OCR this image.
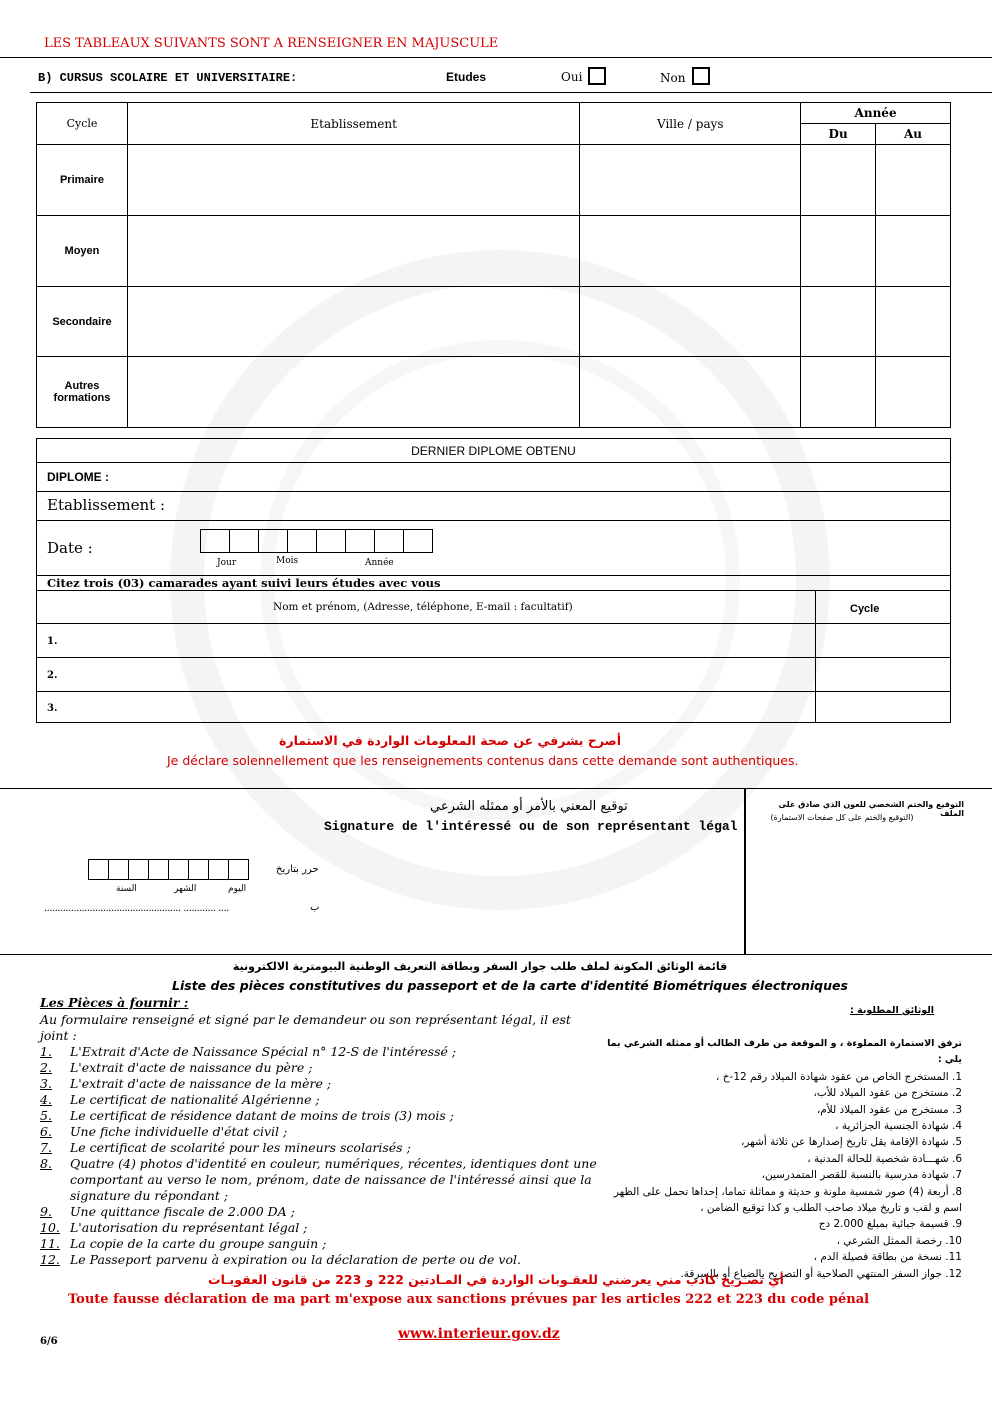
LES TABLEAUX SUIVANTS SONT A RENSEIGNER EN MAJUSCULE
B) CURSUS SCOLAIRE ET UNIVERSITAIRE:	Etudes	Oui	Non
Cycle	Etablissement	Ville / pays	Année	
			Du	Au
Primaire				
Moyen				
Secondaire				
Autres formations				
DERNIER DIPLOME OBTENU
DIPLOME :
Etablissement :
Date :
Jour	Mois	Année
Citez trois (03) camarades ayant suivi leurs études avec vous
Nom et prénom, (Adresse, téléphone, E-mail : facultatif)	Cycle
1.
2.
3.
أصرح بشرفي عن صحة المعلومات الواردة في الاستمارة
Je déclare solennellement que les renseignements contenus dans cette demande sont authentiques.
توقيع المعني بالأمر أو ممثله الشرعي
Signature de l'intéressé ou de son représentant légal
حرر بتاريخ
اليوم
الشهر
السنة
................................................... ............ ....	ب
التوقيع والختم الشخصي للعون الذي صادق على الملف
(التوقيع والختم على كل صفحات الاستمارة)
قائمة الوثائق المكونة لملف طلب جواز السفر وبطاقة التعريف الوطنية البيومترية الالكترونية
Liste des pièces constitutives du passeport et de la carte d'identité Biométriques électroniques
Les Pièces à fournir :
Au formulaire renseigné et signé par le demandeur ou son représentant légal, il est joint :
1. L'Extrait d'Acte de Naissance Spécial n° 12-S de l'intéressé ;
2. L'extrait d'acte de naissance du père ;
3. L'extrait d'acte de naissance de la mère ;
4. Le certificat de nationalité Algérienne ;
5. Le certificat de résidence datant de moins de trois (3) mois ;
6. Une fiche individuelle d'état civil ;
7. Le certificat de scolarité pour les mineurs scolarisés ;
8. Quatre (4) photos d'identité en couleur, numériques, récentes, identiques dont une comportant au verso le nom, prénom, date de naissance de l'intéressé ainsi que la signature du répondant ;
9. Une quittance fiscale de 2.000 DA ;
10. L'autorisation du représentant légal ;
11. La copie de la carte du groupe sanguin ;
12. Le Passeport parvenu à expiration ou la déclaration de perte ou de vol.
الوثائق المطلوبة :
ترفق الاستمارة المملوءة ، و الموقعة من طرف الطالب أو ممثله الشرعي بما يلي :
1. المستخرج الخاص من عقود شهادة الميلاد رقم 12-خ ،
2. مستخرج من عقود الميلاد للأب،
3. مستخرج من عقود الميلاد للأم،
4. شهادة الجنسية الجزائرية ،
5. شهادة الإقامة يقل تاريخ إصدارها عن ثلاثة أشهر،
6. شهـــادة شخصية للحالة المدنية ،
7. شهادة مدرسية بالنسبة للقصر المتمدرسين،
8. أربعة (4) صور شمسية ملونة و حديثة و مماثلة تماما، إحداها تحمل على الظهر اسم و لقب و تاريخ ميلاد صاحب الطلب و كذا توقيع الضامن ،
9. قسيمة جبائية بمبلغ 2.000 دج
10. رخصة الممثل الشرعي ،
11. نسخة من بطاقة فصيلة الدم ،
12. جواز السفر المنتهي الصلاحية أو التصريح بالضياع أو بالسرقة.
أي تصـريح كاذب مني يعرضني للعقـوبات الواردة في المـادتين 222 و 223 من قانون العقوبـات
Toute fausse déclaration de ma part m'expose aux sanctions prévues par les articles 222 et 223 du code pénal
6/6	www.interieur.gov.dz
